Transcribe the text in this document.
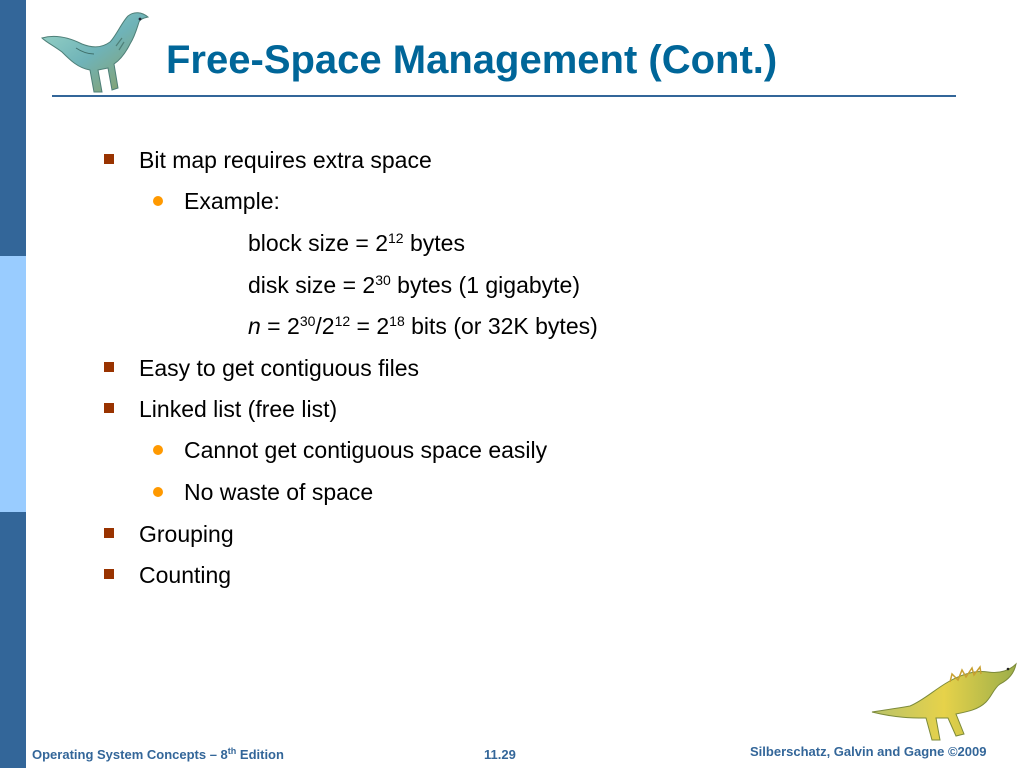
Free-Space Management (Cont.)
Bit map requires extra space
Example:
block size = $2^{12}$ bytes
disk size = $2^{30}$ bytes (1 gigabyte)
$n = 2^{30}/2^{12} = 2^{18}$ bits (or 32K bytes)
Easy to get contiguous files
Linked list (free list)
Cannot get contiguous space easily
No waste of space
Grouping
Counting
Operating System Concepts – 8th Edition	11.29	Silberschatz, Galvin and Gagne ©2009
